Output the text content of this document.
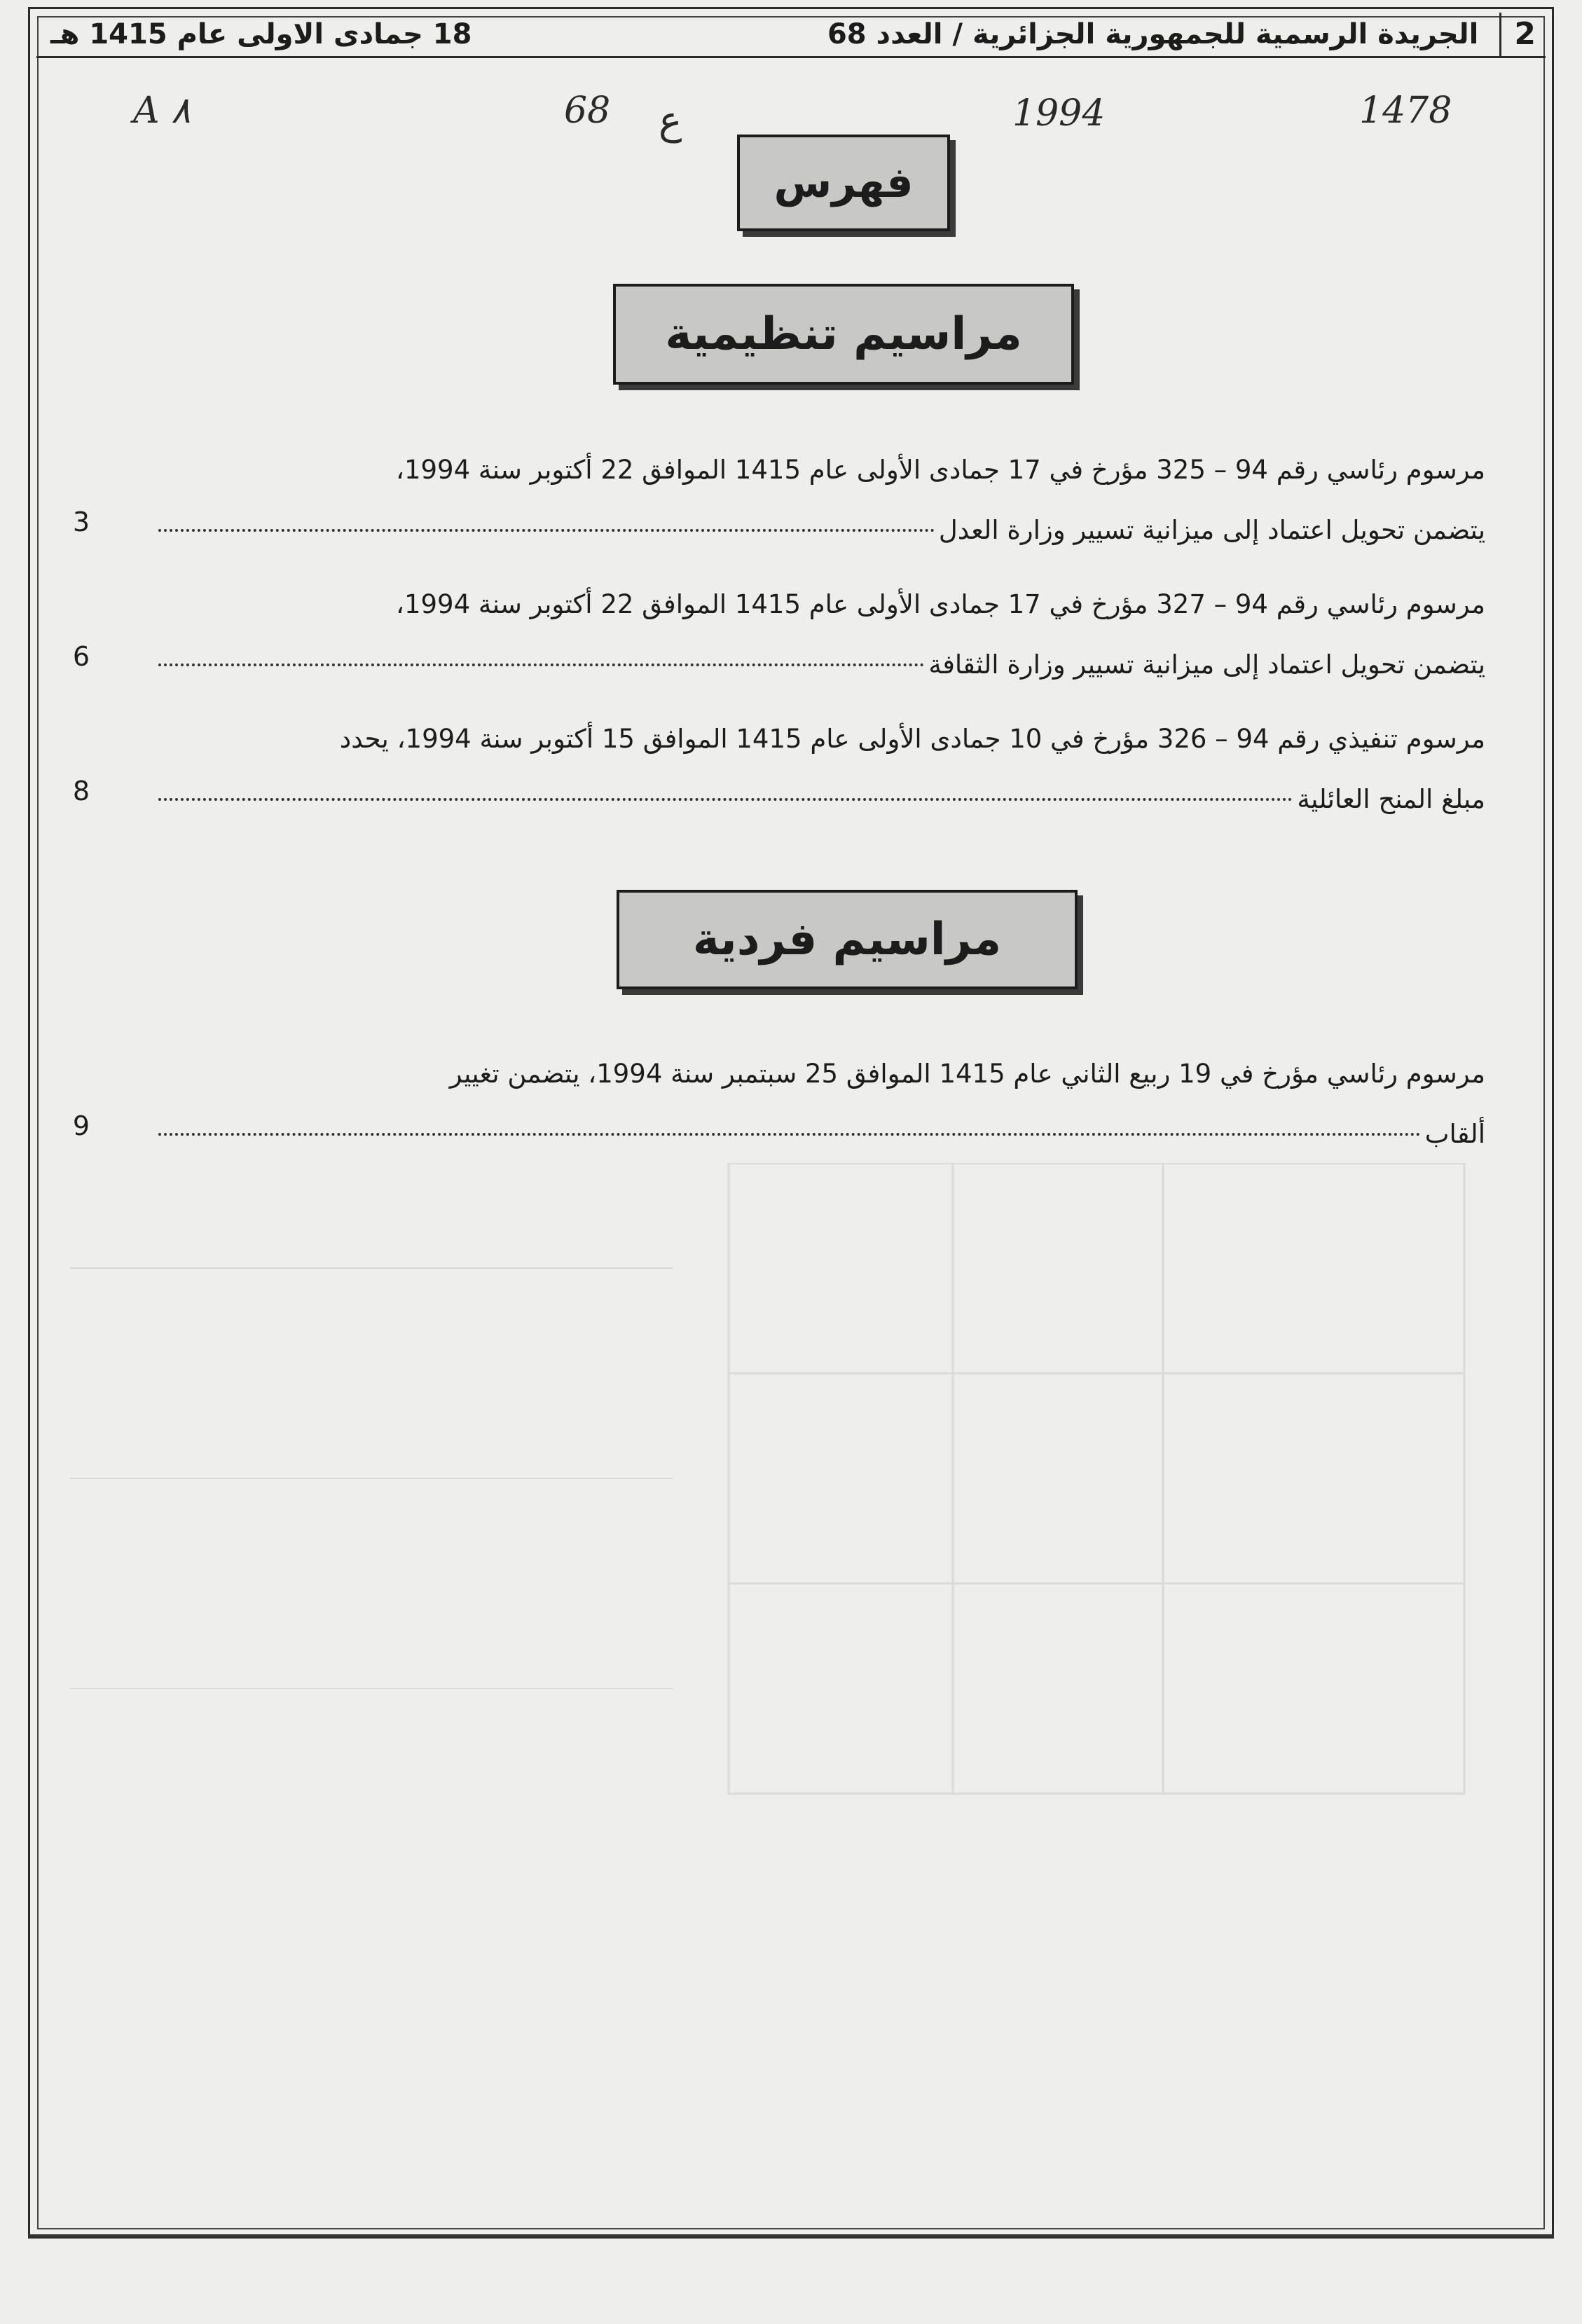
18 جمادى الاولى عام 1415 هـ	الجريدة الرسمية للجمهورية الجزائرية / العدد 68	2
A ٨	68 ع	1994	1478
فهرس
مراسيم تنظيمية
مرسوم رئاسي رقم 94 – 325 مؤرخ في 17 جمادى الأولى عام 1415 الموافق 22 أكتوبر سنة 1994،
يتضمن تحويل اعتماد إلى ميزانية تسيير وزارة العدل
3
مرسوم رئاسي رقم 94 – 327 مؤرخ في 17 جمادى الأولى عام 1415 الموافق 22 أكتوبر سنة 1994،
يتضمن تحويل اعتماد إلى ميزانية تسيير وزارة الثقافة
6
مرسوم تنفيذي رقم 94 – 326 مؤرخ في 10 جمادى الأولى عام 1415 الموافق 15 أكتوبر سنة 1994، يحدد
مبلغ المنح العائلية
8
مراسيم فردية
مرسوم رئاسي مؤرخ في 19 ربيع الثاني عام 1415 الموافق 25 سبتمبر سنة 1994، يتضمن تغيير
ألقاب
9
